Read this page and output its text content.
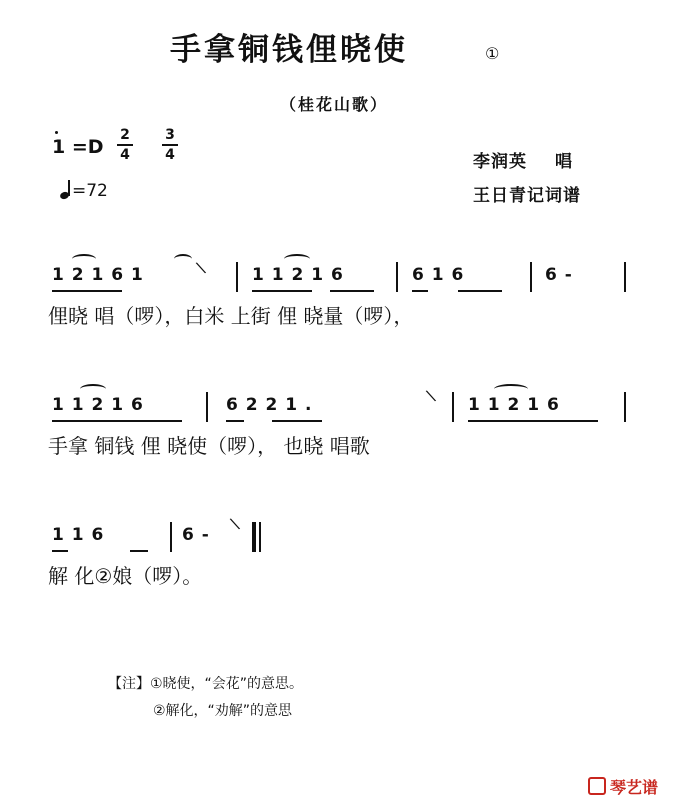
手拿铜钱俚晓使	①
（桂花山歌）
1 =D
2
4
3
4
=72
李润英 唱
王日青记词谱
1 2 1 6 1	1 1 2 1 6	6 1 6	6 -
\
俚晓 唱（啰），白米 上街 俚 晓量（啰），
1 1 2 1 6	6 2 2 1 .	1 1 2 1 6
\
手拿 铜钱 俚 晓使（啰）， 也晓 唱歌
1 1 6	6 -
\
解 化②娘（啰）。
【注】①晓使，“会花”的意思。
②解化，“劝解”的意思
琴艺谱
